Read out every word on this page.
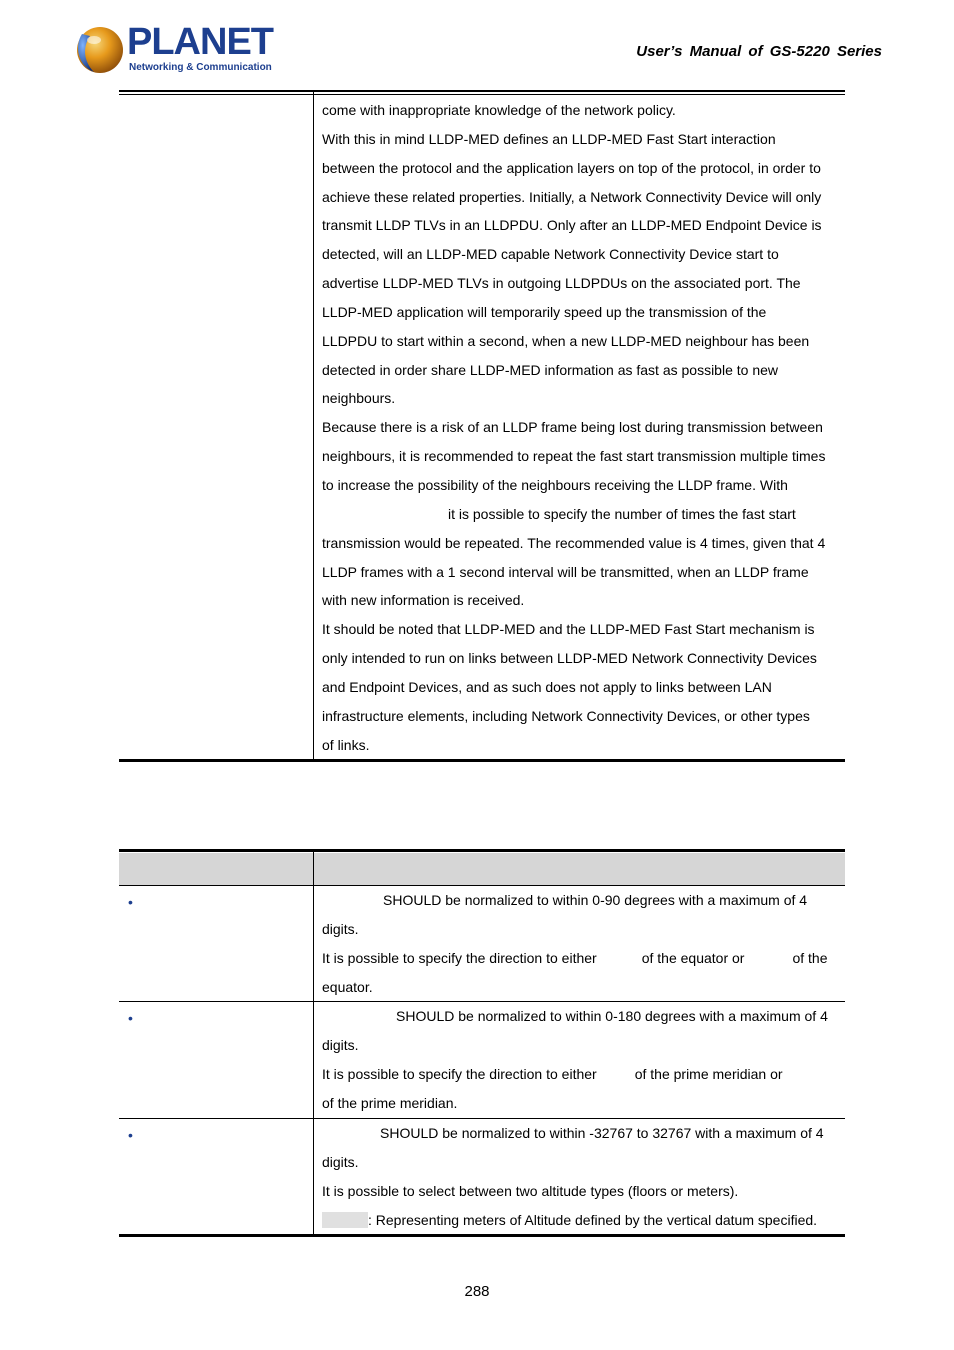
PLANET
Networking & Communication
User’s Manual of GS-5220 Series
come with inappropriate knowledge of the network policy.
With this in mind LLDP-MED defines an LLDP-MED Fast Start interaction
between the protocol and the application layers on top of the protocol, in order to
achieve these related properties. Initially, a Network Connectivity Device will only
transmit LLDP TLVs in an LLDPDU. Only after an LLDP-MED Endpoint Device is
detected, will an LLDP-MED capable Network Connectivity Device start to
advertise LLDP-MED TLVs in outgoing LLDPDUs on the associated port. The
LLDP-MED application will temporarily speed up the transmission of the
LLDPDU to start within a second, when a new LLDP-MED neighbour has been
detected in order share LLDP-MED information as fast as possible to new
neighbours.
Because there is a risk of an LLDP frame being lost during transmission between
neighbours, it is recommended to repeat the fast start transmission multiple times
to increase the possibility of the neighbours receiving the LLDP frame. With
it is possible to specify the number of times the fast start
transmission would be repeated. The recommended value is 4 times, given that 4
LLDP frames with a 1 second interval will be transmitted, when an LLDP frame
with new information is received.
It should be noted that LLDP-MED and the LLDP-MED Fast Start mechanism is
only intended to run on links between LLDP-MED Network Connectivity Devices
and Endpoint Devices, and as such does not apply to links between LAN
infrastructure elements, including Network Connectivity Devices, or other types
of links.
•	SHOULD be normalized to within 0-90 degrees with a maximum of 4
digits.
It is possible to specify the direction to either	of the equator or	of the
equator.
•	SHOULD be normalized to within 0-180 degrees with a maximum of 4
digits.
It is possible to specify the direction to either	of the prime meridian or
of the prime meridian.
•	SHOULD be normalized to within -32767 to 32767 with a maximum of 4
digits.
It is possible to select between two altitude types (floors or meters).
: Representing meters of Altitude defined by the vertical datum specified.
288
